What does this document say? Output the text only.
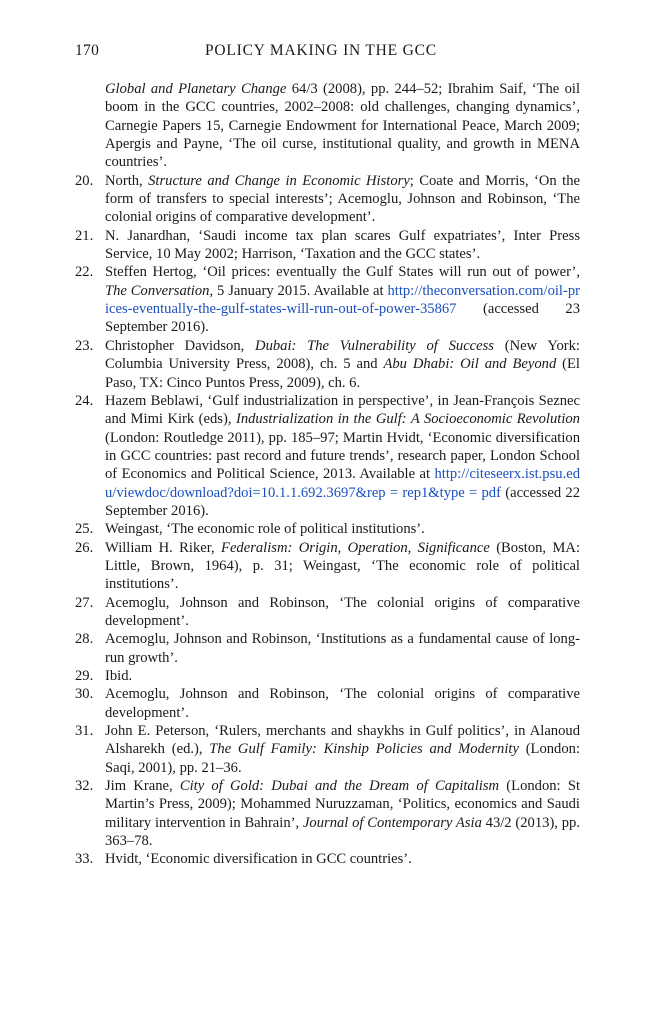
170	POLICY MAKING IN THE GCC
Global and Planetary Change 64/3 (2008), pp. 244–52; Ibrahim Saif, ‘The oil boom in the GCC countries, 2002–2008: old challenges, changing dynamics’, Carnegie Papers 15, Carnegie Endowment for International Peace, March 2009; Apergis and Payne, ‘The oil curse, institutional quality, and growth in MENA countries’.
20. North, Structure and Change in Economic History; Coate and Morris, ‘On the form of transfers to special interests’; Acemoglu, Johnson and Robinson, ‘The colonial origins of comparative development’.
21. N. Janardhan, ‘Saudi income tax plan scares Gulf expatriates’, Inter Press Service, 10 May 2002; Harrison, ‘Taxation and the GCC states’.
22. Steffen Hertog, ‘Oil prices: eventually the Gulf States will run out of power’, The Conversation, 5 January 2015. Available at http://theconversation.com/oil-prices-eventually-the-gulf-states-will-run-out-of-power-35867 (accessed 23 September 2016).
23. Christopher Davidson, Dubai: The Vulnerability of Success (New York: Columbia University Press, 2008), ch. 5 and Abu Dhabi: Oil and Beyond (El Paso, TX: Cinco Puntos Press, 2009), ch. 6.
24. Hazem Beblawi, ‘Gulf industrialization in perspective’, in Jean-François Seznec and Mimi Kirk (eds), Industrialization in the Gulf: A Socioeconomic Revolution (London: Routledge 2011), pp. 185–97; Martin Hvidt, ‘Economic diversification in GCC countries: past record and future trends’, research paper, London School of Economics and Political Science, 2013. Available at http://citeseerx.ist.psu.edu/viewdoc/download?doi=10.1.1.692.3697&rep = rep1&type = pdf (accessed 22 September 2016).
25. Weingast, ‘The economic role of political institutions’.
26. William H. Riker, Federalism: Origin, Operation, Significance (Boston, MA: Little, Brown, 1964), p. 31; Weingast, ‘The economic role of political institutions’.
27. Acemoglu, Johnson and Robinson, ‘The colonial origins of comparative development’.
28. Acemoglu, Johnson and Robinson, ‘Institutions as a fundamental cause of long-run growth’.
29. Ibid.
30. Acemoglu, Johnson and Robinson, ‘The colonial origins of comparative development’.
31. John E. Peterson, ‘Rulers, merchants and shaykhs in Gulf politics’, in Alanoud Alsharekh (ed.), The Gulf Family: Kinship Policies and Modernity (London: Saqi, 2001), pp. 21–36.
32. Jim Krane, City of Gold: Dubai and the Dream of Capitalism (London: St Martin’s Press, 2009); Mohammed Nuruzzaman, ‘Politics, economics and Saudi military intervention in Bahrain’, Journal of Contemporary Asia 43/2 (2013), pp. 363–78.
33. Hvidt, ‘Economic diversification in GCC countries’.
